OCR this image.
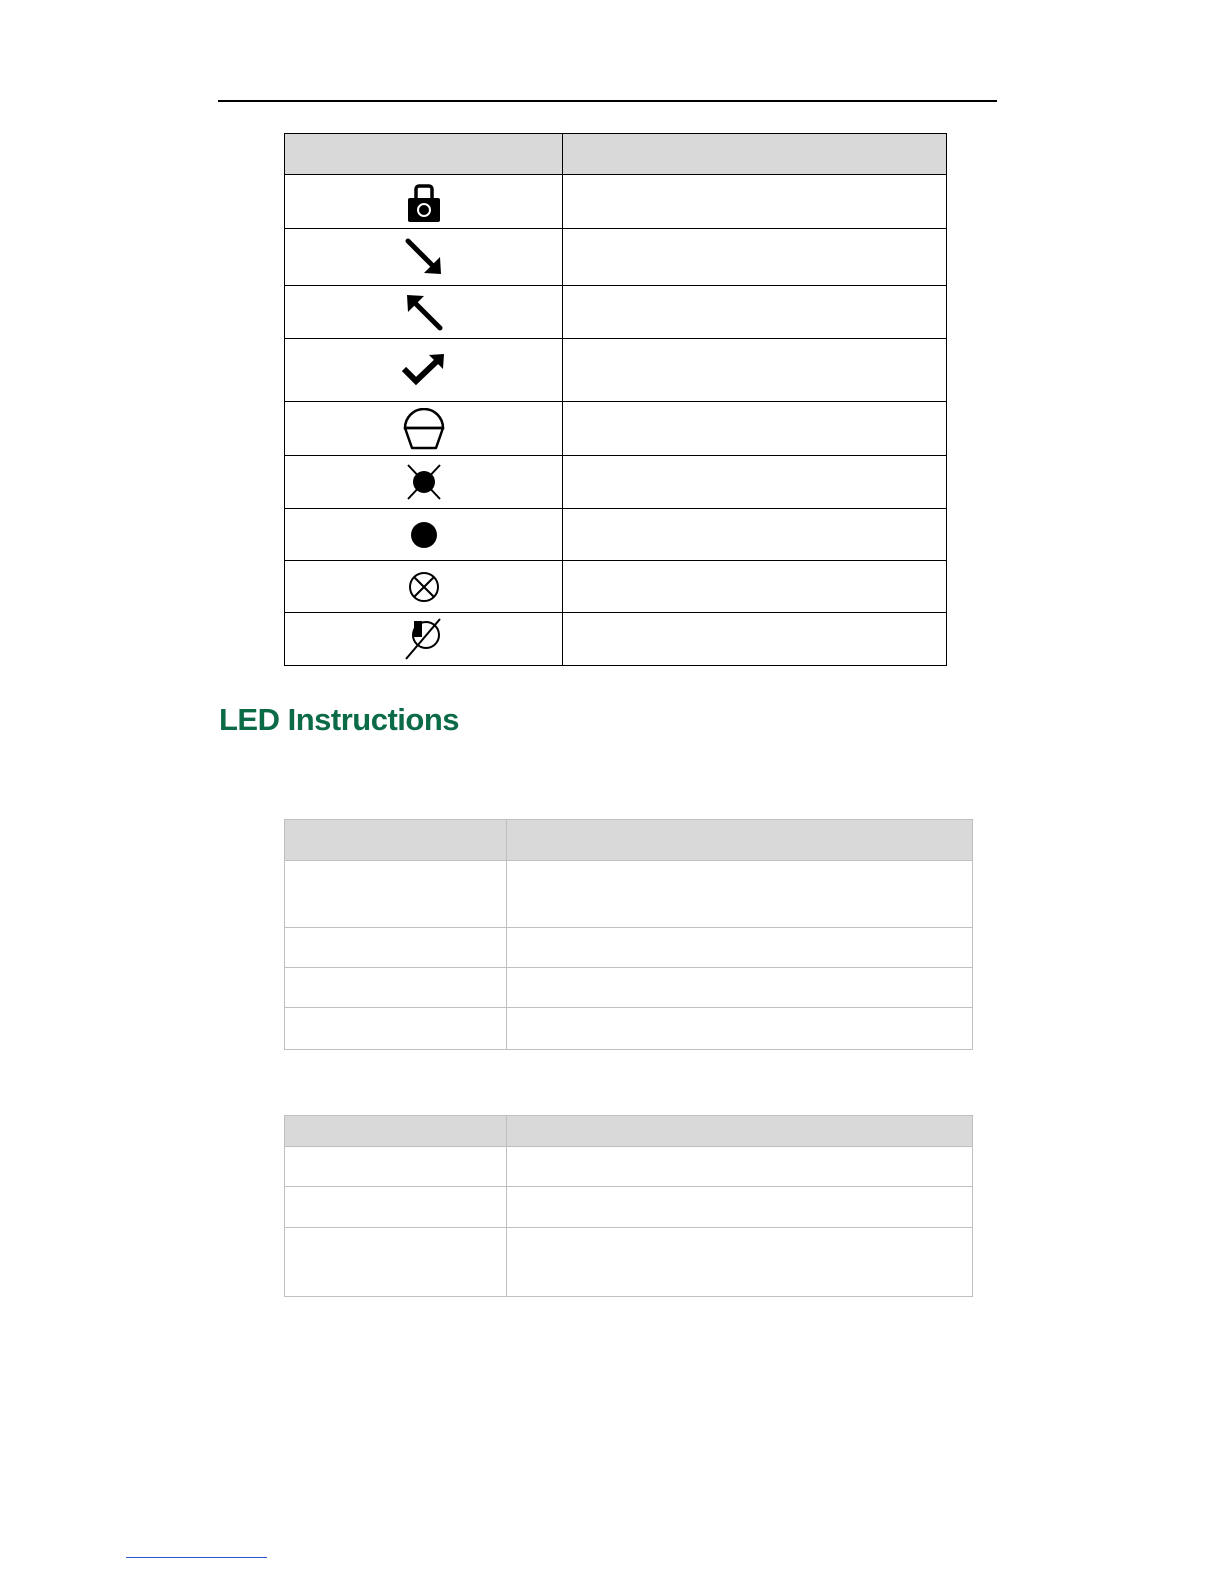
LED Instructions
